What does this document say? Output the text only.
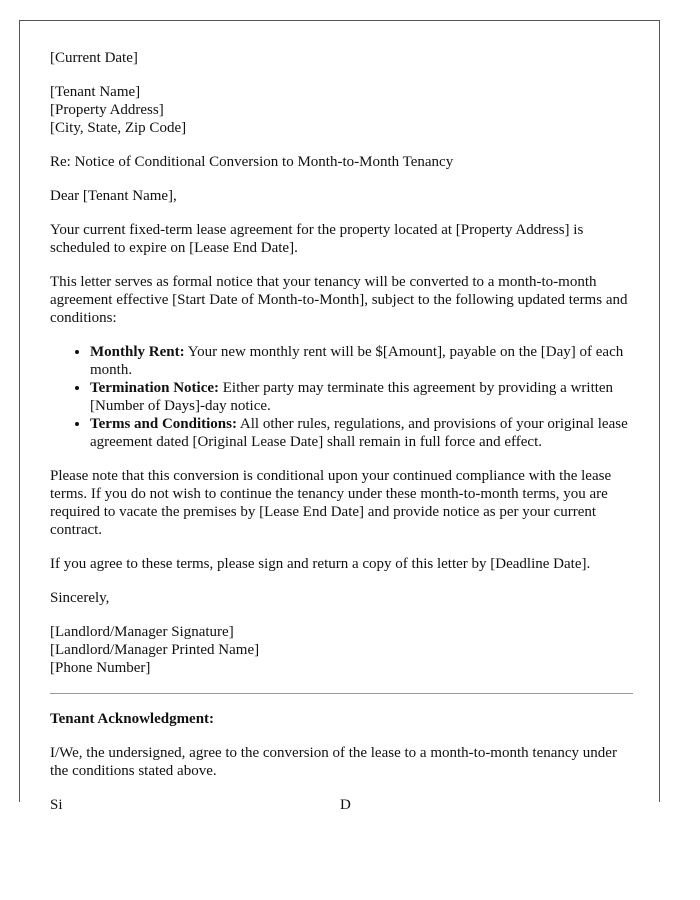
[Current Date]

[Tenant Name]
[Property Address]
[City, State, Zip Code]

Re: Notice of Conditional Conversion to Month-to-Month Tenancy

Dear [Tenant Name],

Your current fixed-term lease agreement for the property located at [Property Address] is scheduled to expire on [Lease End Date].

This letter serves as formal notice that your tenancy will be converted to a month-to-month agreement effective [Start Date of Month-to-Month], subject to the following updated terms and conditions:

• Monthly Rent: Your new monthly rent will be $[Amount], payable on the [Day] of each month.
• Termination Notice: Either party may terminate this agreement by providing a written [Number of Days]-day notice.
• Terms and Conditions: All other rules, regulations, and provisions of your original lease agreement dated [Original Lease Date] shall remain in full force and effect.

Please note that this conversion is conditional upon your continued compliance with the lease terms. If you do not wish to continue the tenancy under these month-to-month terms, you are required to vacate the premises by [Lease End Date] and provide notice as per your current contract.

If you agree to these terms, please sign and return a copy of this letter by [Deadline Date].

Sincerely,

[Landlord/Manager Signature]
[Landlord/Manager Printed Name]
[Phone Number]

Tenant Acknowledgment:

I/We, the undersigned, agree to the conversion of the lease to a month-to-month tenancy under the conditions stated above.

Si	D
